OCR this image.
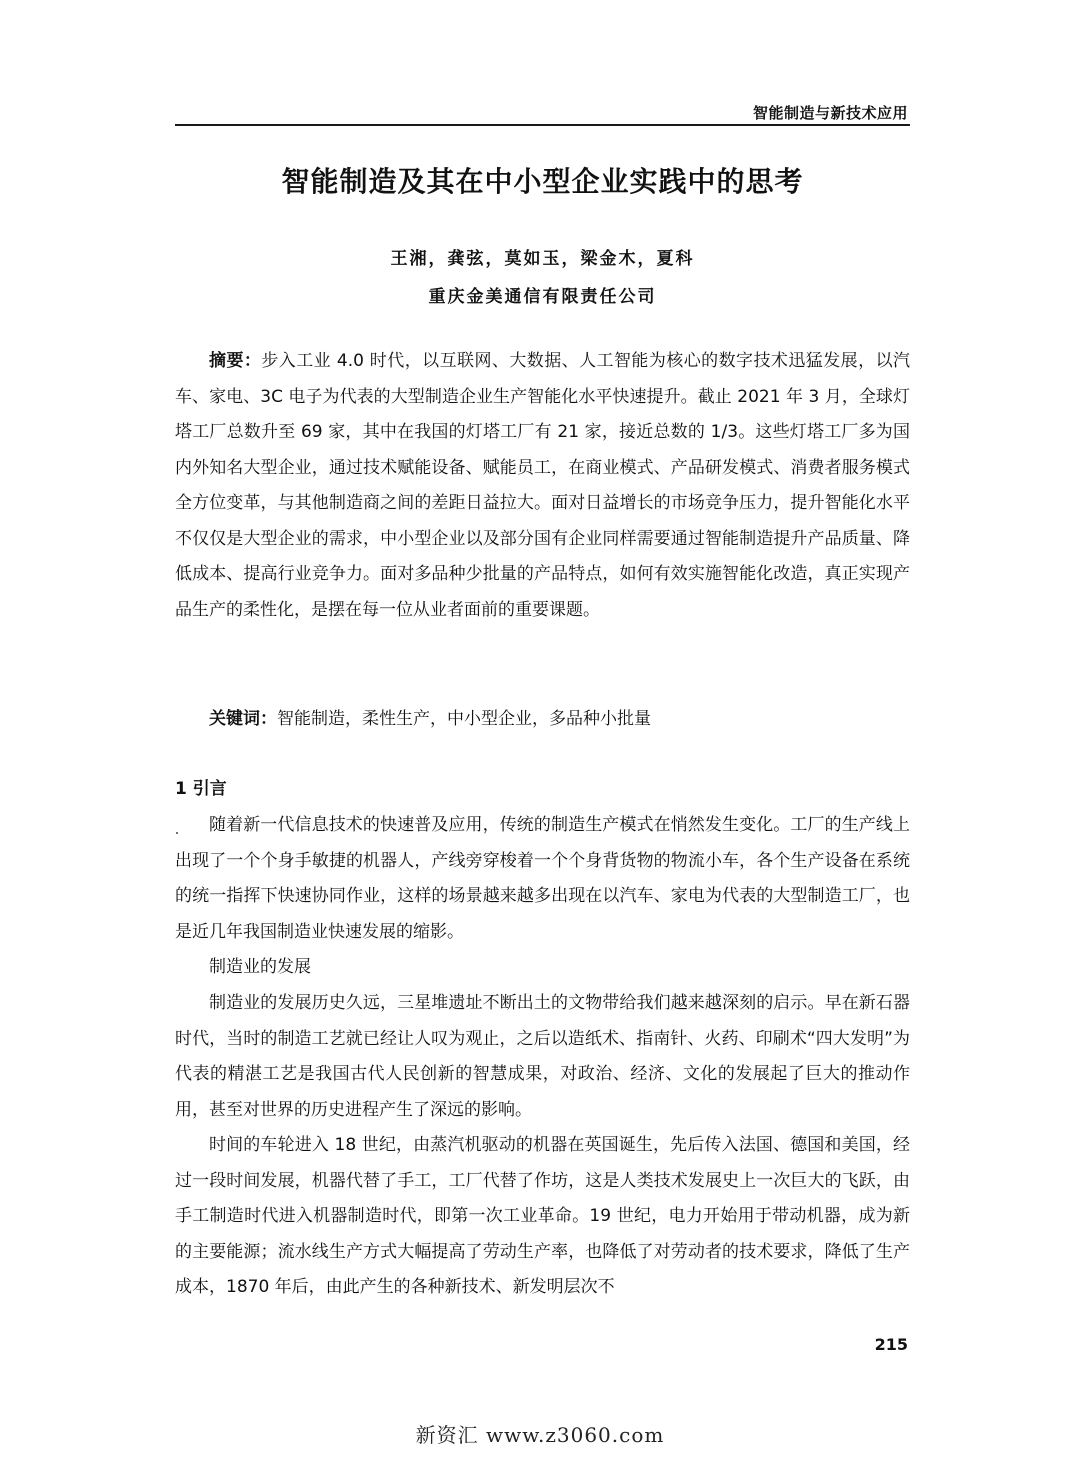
智能制造与新技术应用
智能制造及其在中小型企业实践中的思考
王湘，龚弦，莫如玉，梁金木，夏科
重庆金美通信有限责任公司

摘要：步入工业 4.0 时代，以互联网、大数据、人工智能为核心的数字技术迅猛发展，以汽车、家电、3C 电子为代表的大型制造企业生产智能化水平快速提升。截止 2021 年 3 月，全球灯塔工厂总数升至 69 家，其中在我国的灯塔工厂有 21 家，接近总数的 1/3。这些灯塔工厂多为国内外知名大型企业，通过技术赋能设备、赋能员工，在商业模式、产品研发模式、消费者服务模式全方位变革，与其他制造商之间的差距日益拉大。面对日益增长的市场竞争压力，提升智能化水平不仅仅是大型企业的需求，中小型企业以及部分国有企业同样需要通过智能制造提升产品质量、降低成本、提高行业竞争力。面对多品种少批量的产品特点，如何有效实施智能化改造，真正实现产品生产的柔性化，是摆在每一位从业者面前的重要课题。

关键词：智能制造，柔性生产，中小型企业，多品种小批量
1 引言

随着新一代信息技术的快速普及应用，传统的制造生产模式在悄然发生变化。工厂的生产线上出现了一个个身手敏捷的机器人，产线旁穿梭着一个个身背货物的物流小车，各个生产设备在系统的统一指挥下快速协同作业，这样的场景越来越多出现在以汽车、家电为代表的大型制造工厂，也是近几年我国制造业快速发展的缩影。

制造业的发展

制造业的发展历史久远，三星堆遗址不断出土的文物带给我们越来越深刻的启示。早在新石器时代，当时的制造工艺就已经让人叹为观止，之后以造纸术、指南针、火药、印刷术“四大发明”为代表的精湛工艺是我国古代人民创新的智慧成果，对政治、经济、文化的发展起了巨大的推动作用，甚至对世界的历史进程产生了深远的影响。

时间的车轮进入 18 世纪，由蒸汽机驱动的机器在英国诞生，先后传入法国、德国和美国，经过一段时间发展，机器代替了手工，工厂代替了作坊，这是人类技术发展史上一次巨大的飞跃，由手工制造时代进入机器制造时代，即第一次工业革命。19 世纪，电力开始用于带动机器，成为新的主要能源；流水线生产方式大幅提高了劳动生产率，也降低了对劳动者的技术要求，降低了生产成本，1870 年后，由此产生的各种新技术、新发明层次不

215
新资汇 www.z3060.com
